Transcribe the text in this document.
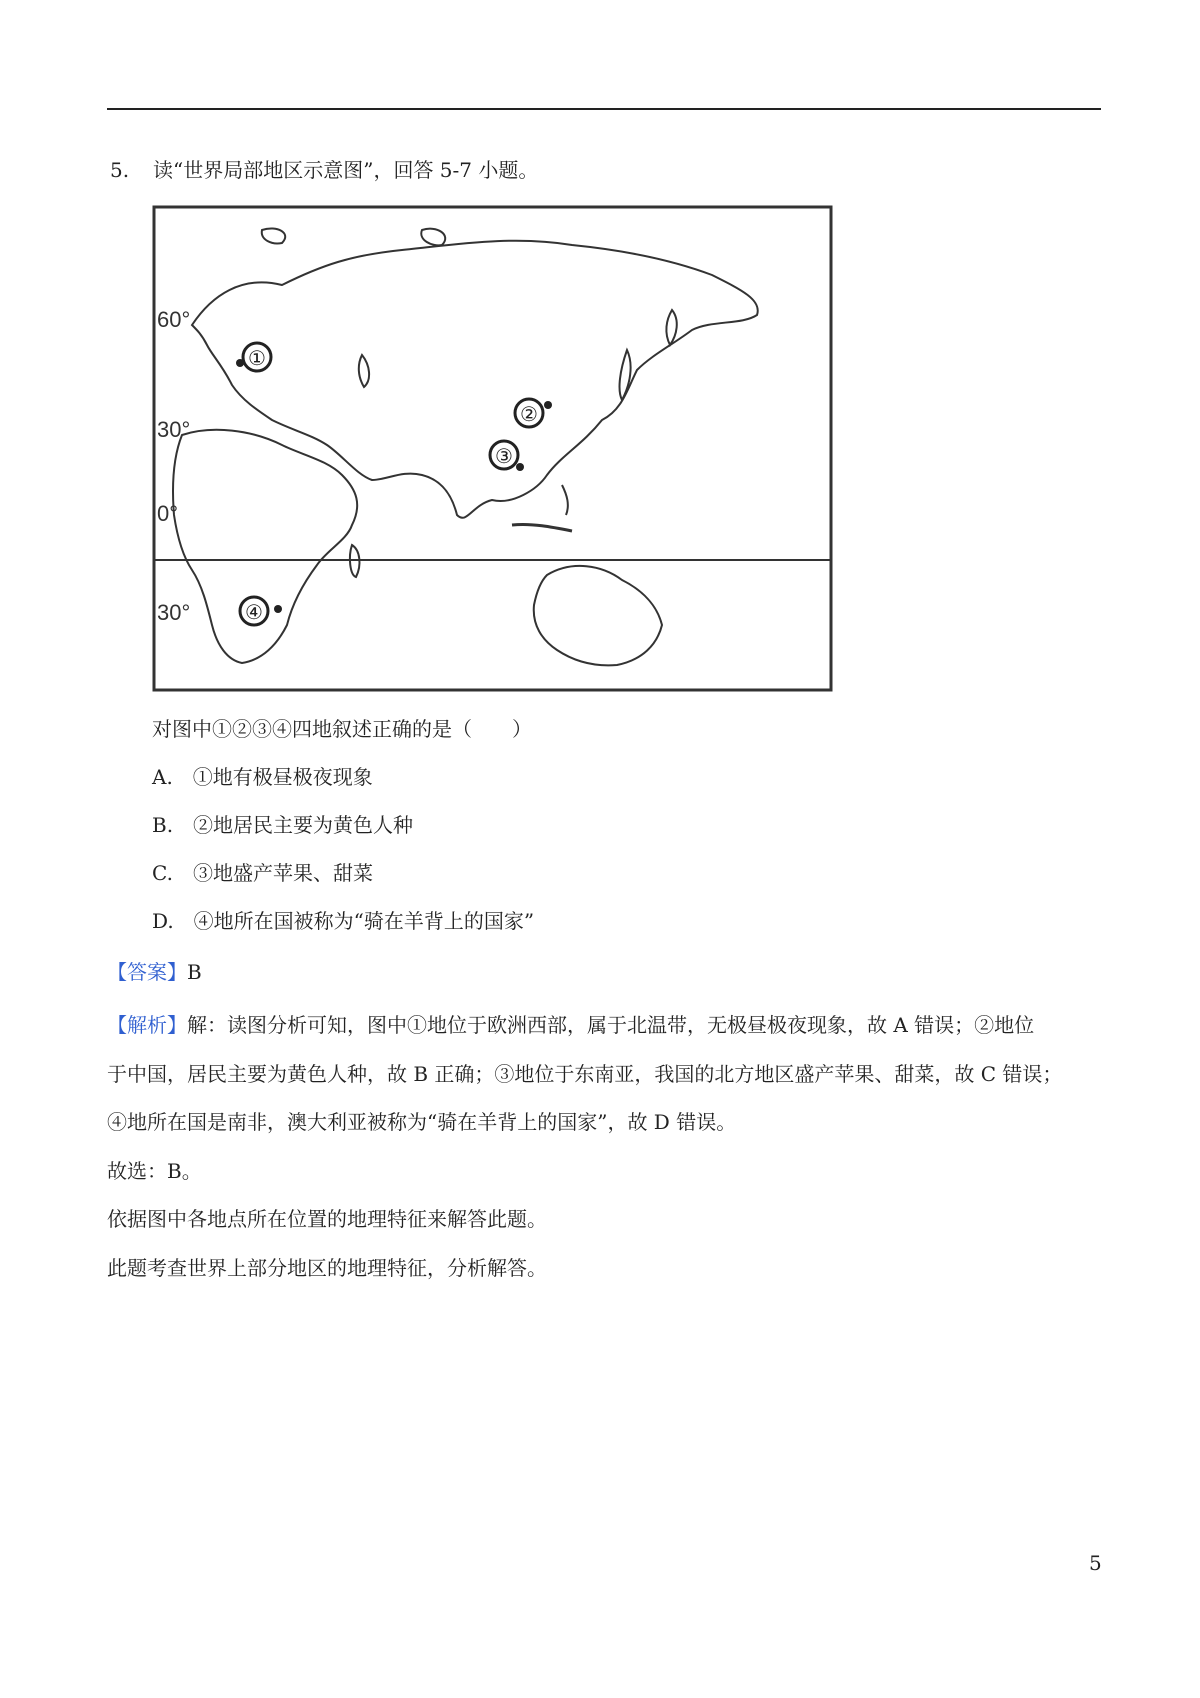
5. 读“世界局部地区示意图”，回答 5-7 小题。
60°
30°
0°
30°
①
②
③
④
对图中①②③④四地叙述正确的是（　　）
A.　①地有极昼极夜现象
B.　②地居民主要为黄色人种
C.　③地盛产苹果、甜菜
D.　④地所在国被称为“骑在羊背上的国家”
【答案】B
【解析】解：读图分析可知，图中①地位于欧洲西部，属于北温带，无极昼极夜现象，故 A 错误；②地位
于中国，居民主要为黄色人种，故 B 正确；③地位于东南亚，我国的北方地区盛产苹果、甜菜，故 C 错误；
④地所在国是南非，澳大利亚被称为“骑在羊背上的国家”，故 D 错误。
故选：B。
依据图中各地点所在位置的地理特征来解答此题。
此题考查世界上部分地区的地理特征，分析解答。
5
